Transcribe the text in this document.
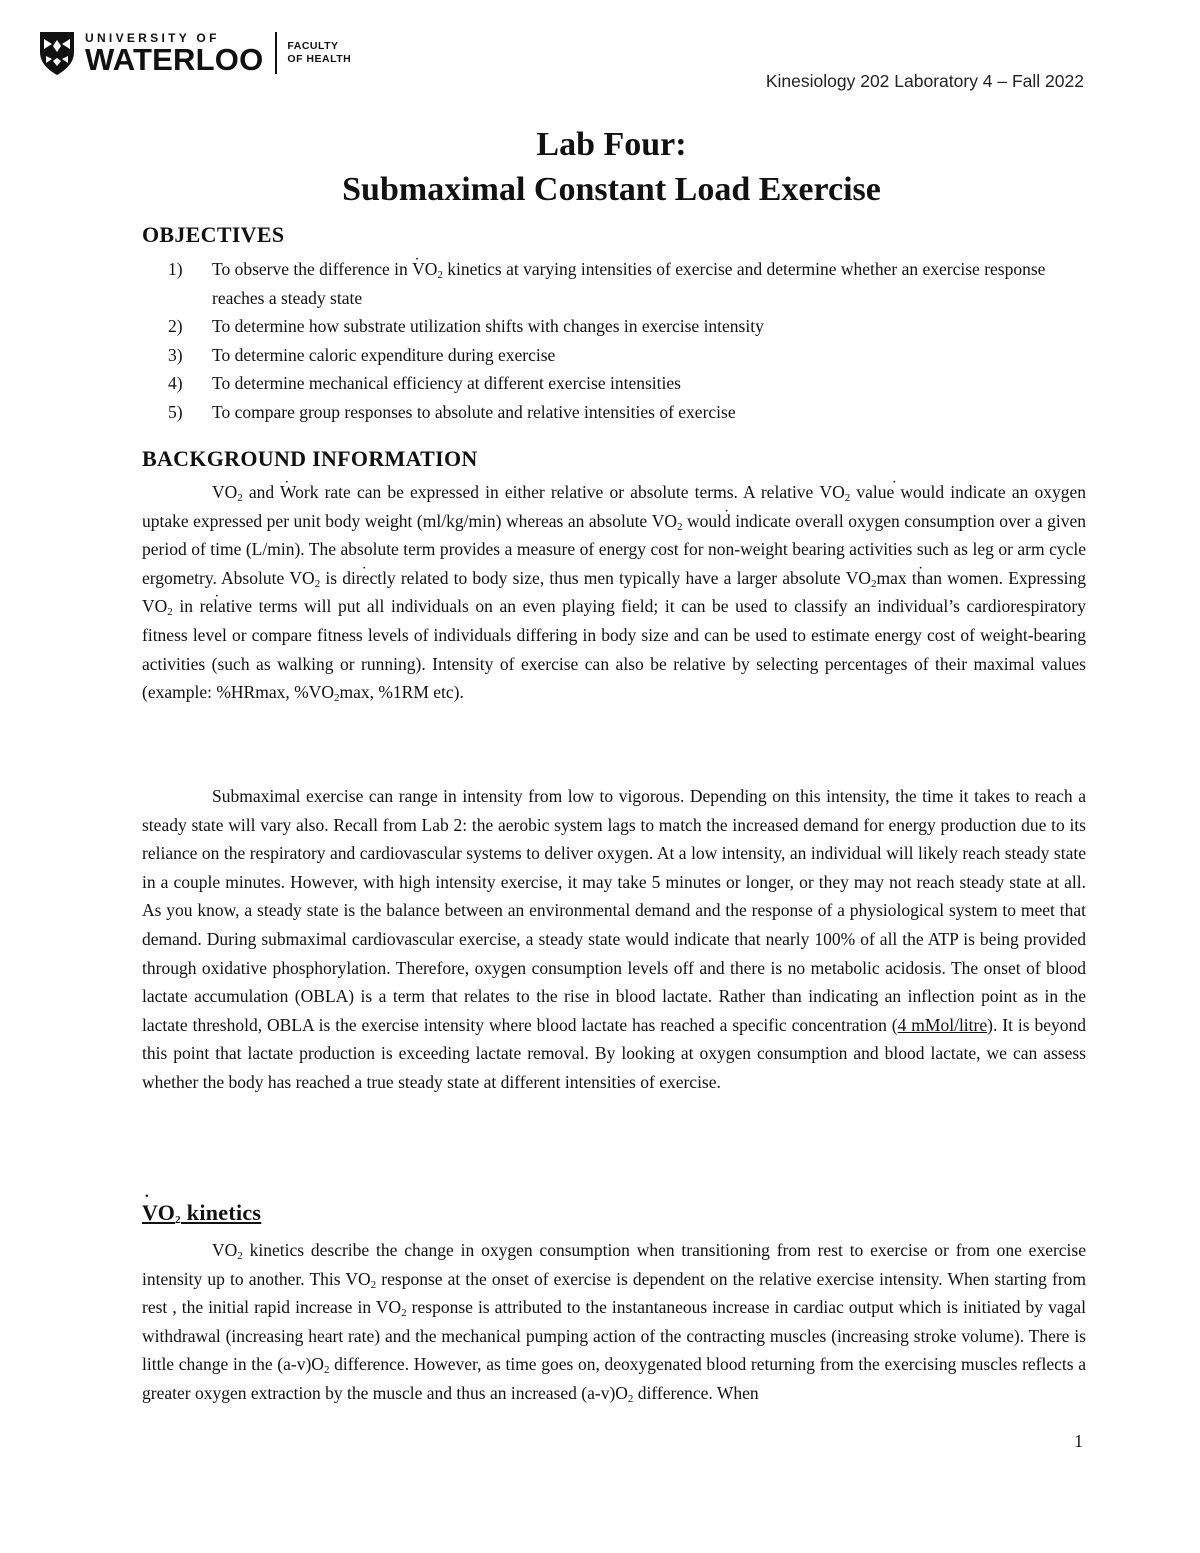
UNIVERSITY OF
WATERLOO FACULTY
OF HEALTH
Kinesiology 202 Laboratory 4 – Fall 2022
Lab Four:
Submaximal Constant Load Exercise
OBJECTIVES
1)	To observe the difference in ˙ $VO_2$ kinetics at varying intensities of exercise and determine whether an exercise response reaches a steady state
2)	To determine how substrate utilization shifts with changes in exercise intensity
3)	To determine caloric expenditure during exercise
4)	To determine mechanical efficiency at different exercise intensities
5)	To compare group responses to absolute and relative intensities of exercise
BACKGROUND INFORMATION

˙ $VO_2$ and Work rate can be expressed in either relative or absolute terms. A relative ˙ $VO_2$ value would indicate an oxygen uptake expressed per unit body weight (ml/kg/min) whereas an absolute ˙ $VO_2$ would indicate overall oxygen consumption over a given period of time (L/min). The absolute term provides a measure of energy cost for non-weight bearing activities such as leg or arm cycle ergometry. Absolute ˙ $VO_2$ is directly related to body size, thus men typically have a larger absolute ˙ $VO_2\max$ than women. Expressing ˙ $VO_2$ in relative terms will put all individuals on an even playing field; it can be used to classify an individual’s cardiorespiratory fitness level or compare fitness levels of individuals differing in body size and can be used to estimate energy cost of weight-bearing activities (such as walking or running). Intensity of exercise can also be relative by selecting percentages of their maximal values (example: %HRmax, $\%VO_2\max$, %1RM etc).

Submaximal exercise can range in intensity from low to vigorous. Depending on this intensity, the time it takes to reach a steady state will vary also. Recall from Lab 2: the aerobic system lags to match the increased demand for energy production due to its reliance on the respiratory and cardiovascular systems to deliver oxygen. At a low intensity, an individual will likely reach steady state in a couple minutes. However, with high intensity exercise, it may take 5 minutes or longer, or they may not reach steady state at all. As you know, a steady state is the balance between an environmental demand and the response of a physiological system to meet that demand. During submaximal cardiovascular exercise, a steady state would indicate that nearly 100% of all the ATP is being provided through oxidative phosphorylation. Therefore, oxygen consumption levels off and there is no metabolic acidosis. The onset of blood lactate accumulation (OBLA) is a term that relates to the rise in blood lactate. Rather than indicating an inflection point as in the lactate threshold, OBLA is the exercise intensity where blood lactate has reached a specific concentration (4 mMol/litre). It is beyond this point that lactate production is exceeding lactate removal. By looking at oxygen consumption and blood lactate, we can assess whether the body has reached a true steady state at different intensities of exercise.

˙ $VO_2$ kinetics

$VO_2$ kinetics describe the change in oxygen consumption when transitioning from rest to exercise or from one exercise intensity up to another. This $VO_2$ response at the onset of exercise is dependent on the relative exercise intensity. When starting from rest , the initial rapid increase in $VO_2$ response is attributed to the instantaneous increase in cardiac output which is initiated by vagal withdrawal (increasing heart rate) and the mechanical pumping action of the contracting muscles (increasing stroke volume). There is little change in the $(a-v)O_2$ difference. However, as time goes on, deoxygenated blood returning from the exercising muscles reflects a greater oxygen extraction by the muscle and thus an increased $(a-v)O_2$ difference. When

1
